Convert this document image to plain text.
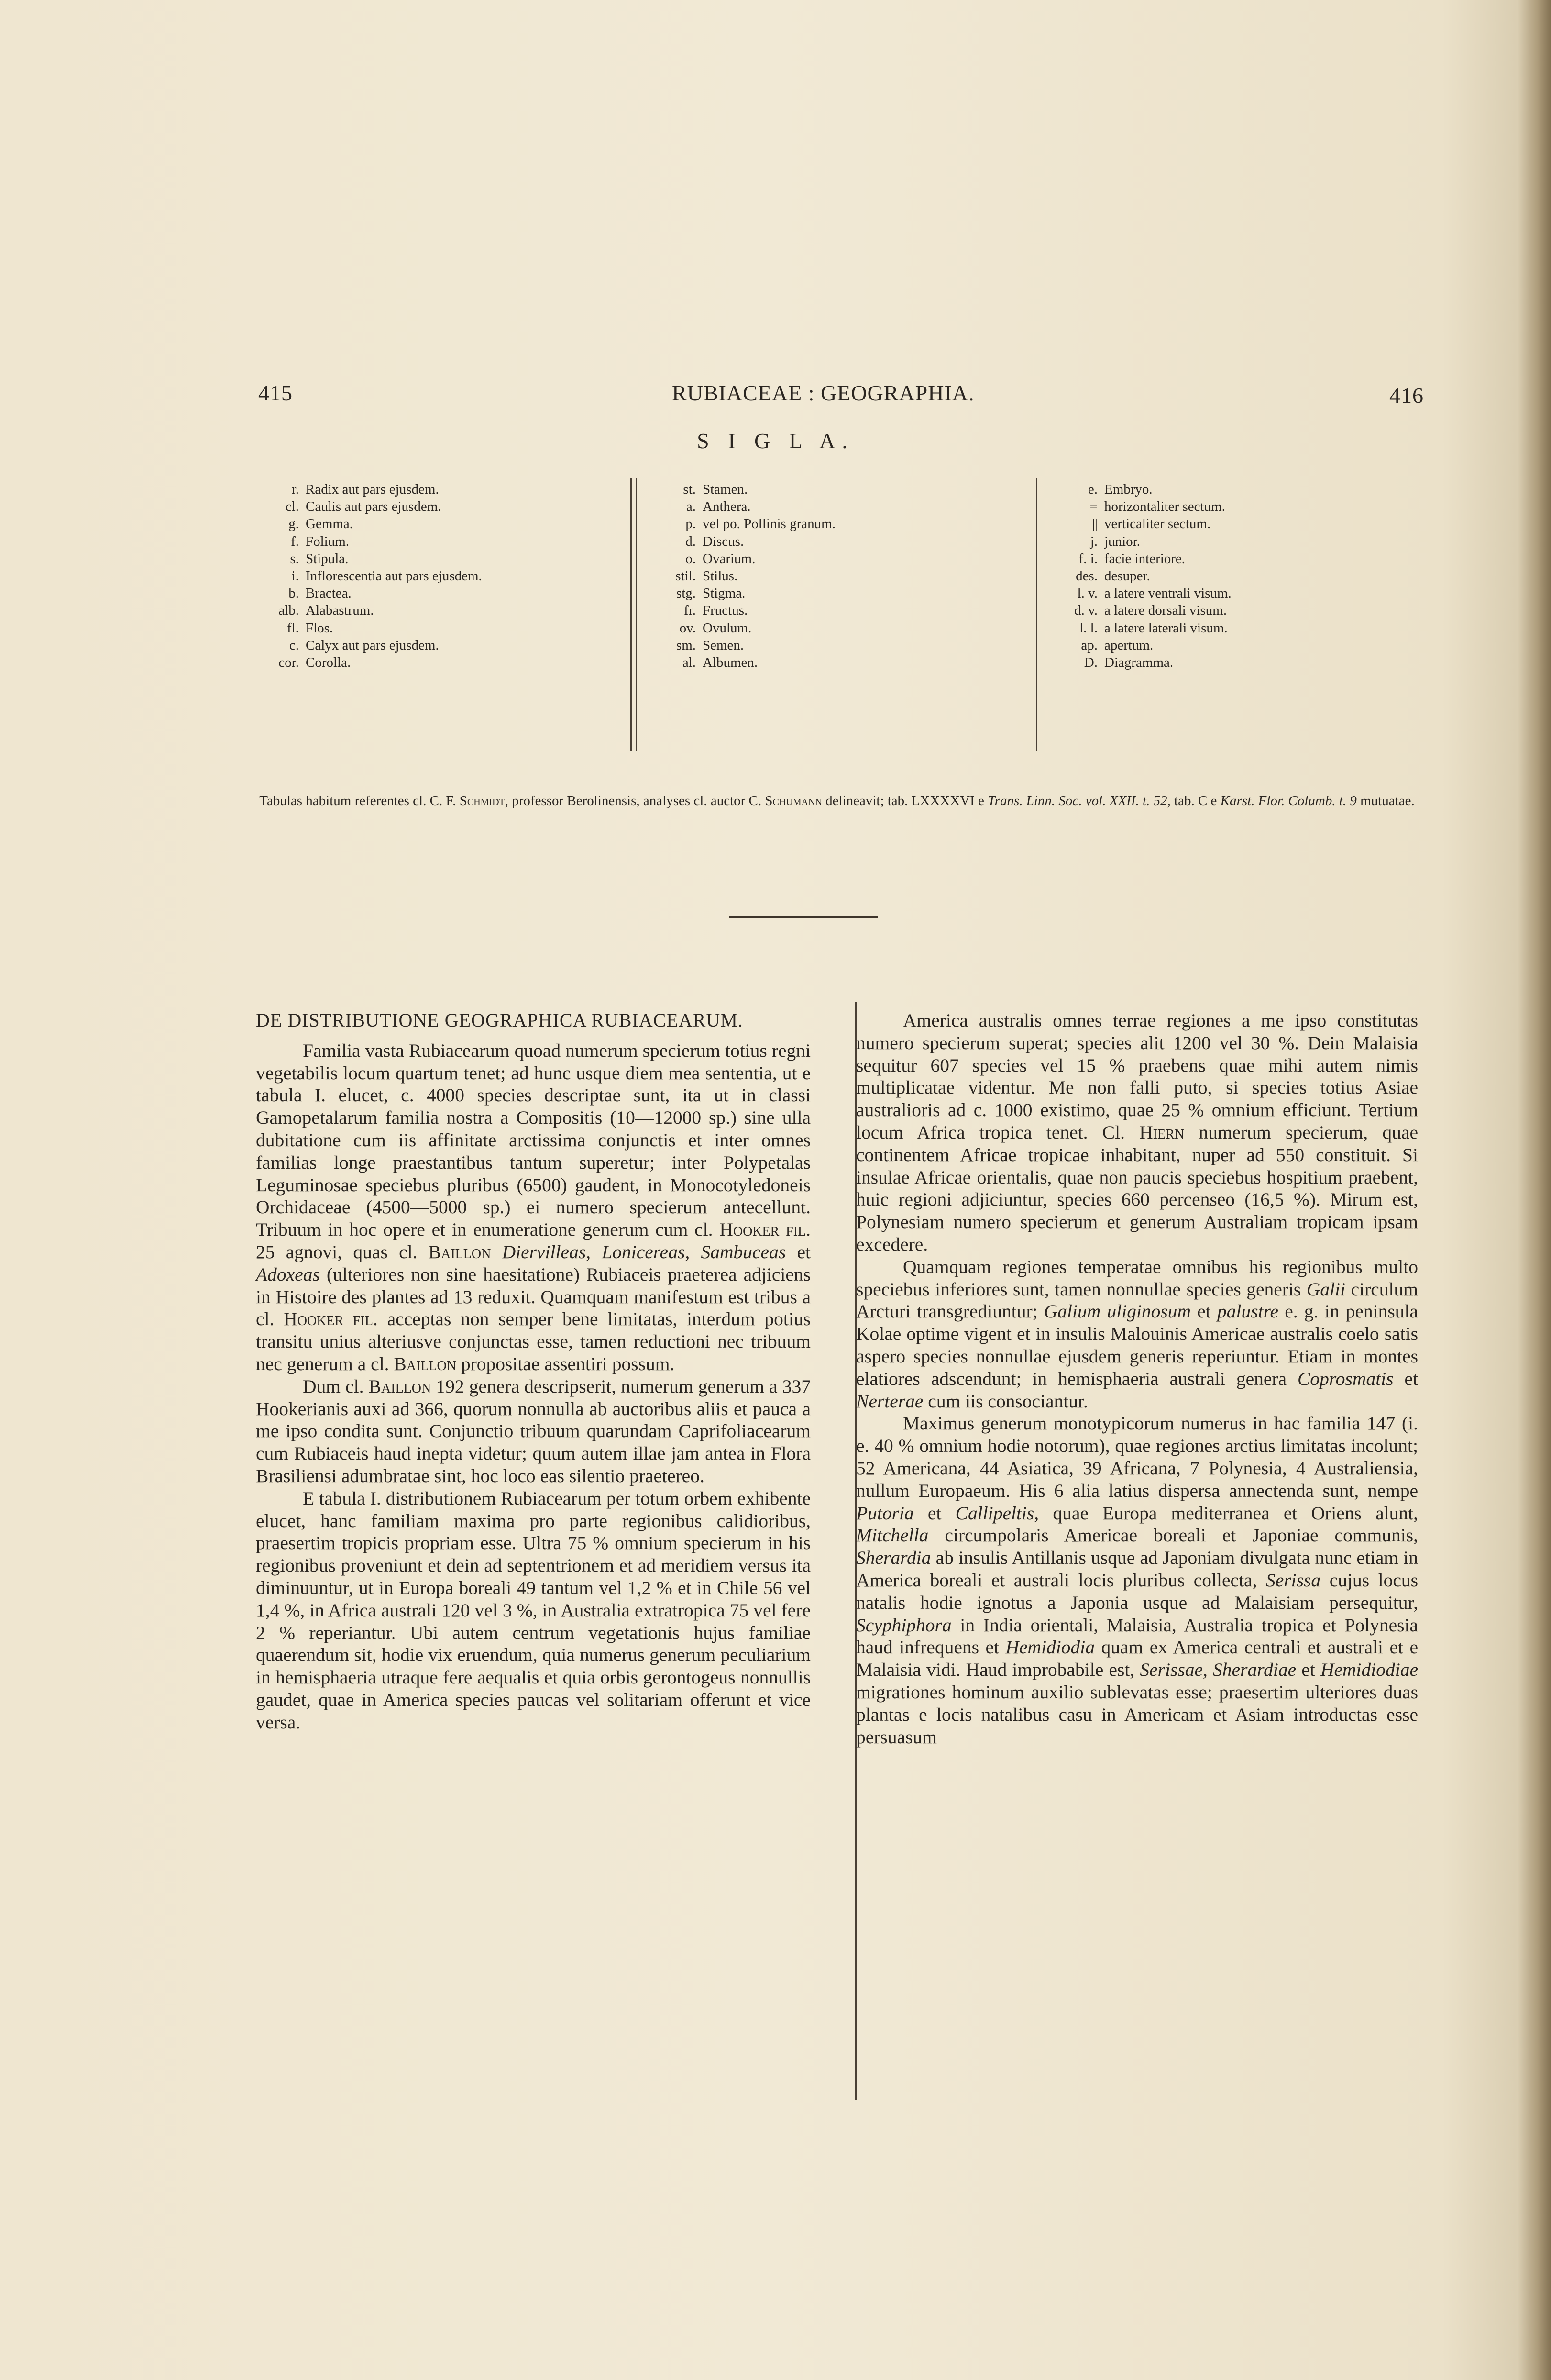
415	RUBIACEAE : GEOGRAPHIA.	416
S I G L A.
r. Radix aut pars ejusdem.
cl. Caulis aut pars ejusdem.
g. Gemma.
f. Folium.
s. Stipula.
i. Inflorescentia aut pars ejusdem.
b. Bractea.
alb. Alabastrum.
fl. Flos.
c. Calyx aut pars ejusdem.
cor. Corolla.
st. Stamen.
a. Anthera.
p. vel po. Pollinis granum.
d. Discus.
o. Ovarium.
stil. Stilus.
stg. Stigma.
fr. Fructus.
ov. Ovulum.
sm. Semen.
al. Albumen.
e. Embryo.
= horizontaliter sectum.
|| verticaliter sectum.
j. junior.
f. i. facie interiore.
des. desuper.
l. v. a latere ventrali visum.
d. v. a latere dorsali visum.
l. l. a latere laterali visum.
ap. apertum.
D. Diagramma.
Tabulas habitum referentes cl. C. F. Schmidt, professor Berolinensis, analyses cl. auctor C. Schumann delineavit; tab. LXXXXVI e Trans. Linn. Soc. vol. XXII. t. 52, tab. C e Karst. Flor. Columb. t. 9 mutuatae.
DE DISTRIBUTIONE GEOGRAPHICA RUBIACEARUM.

Familia vasta Rubiacearum quoad numerum specierum totius regni vegetabilis locum quartum tenet; ad hunc usque diem mea sententia, ut e tabula I. elucet, c. 4000 species descriptae sunt, ita ut in classi Gamopetalarum familia nostra a Compositis (10—12000 sp.) sine ulla dubitatione cum iis affinitate arctissima conjunctis et inter omnes familias longe praestantibus tantum superetur; inter Polypetalas Leguminosae speciebus pluribus (6500) gaudent, in Monocotyledoneis Orchidaceae (4500—5000 sp.) ei numero specierum antecellunt. Tribuum in hoc opere et in enumeratione generum cum cl. Hooker fil. 25 agnovi, quas cl. Baillon Diervilleas, Lonicereas, Sambuceas et Adoxeas (ulteriores non sine haesitatione) Rubiaceis praeterea adjiciens in Histoire des plantes ad 13 reduxit. Quamquam manifestum est tribus a cl. Hooker fil. acceptas non semper bene limitatas, interdum potius transitu unius alteriusve conjunctas esse, tamen reductioni nec tribuum nec generum a cl. Baillon propositae assentiri possum.

Dum cl. Baillon 192 genera descripserit, numerum generum a 337 Hookerianis auxi ad 366, quorum nonnulla ab auctoribus aliis et pauca a me ipso condita sunt. Conjunctio tribuum quarundam Caprifoliacearum cum Rubiaceis haud inepta videtur; quum autem illae jam antea in Flora Brasiliensi adumbratae sint, hoc loco eas silentio praetereo.

E tabula I. distributionem Rubiacearum per totum orbem exhibente elucet, hanc familiam maxima pro parte regionibus calidioribus, praesertim tropicis propriam esse. Ultra 75 % omnium specierum in his regionibus proveniunt et dein ad septentrionem et ad meridiem versus ita diminuuntur, ut in Europa boreali 49 tantum vel 1,2 % et in Chile 56 vel 1,4 %, in Africa australi 120 vel 3 %, in Australia extratropica 75 vel fere 2 % reperiantur. Ubi autem centrum vegetationis hujus familiae quaerendum sit, hodie vix eruendum, quia numerus generum peculiarium in hemisphaeria utraque fere aequalis et quia orbis gerontogeus nonnullis gaudet, quae in America species paucas vel solitariam offerunt et vice versa.

America australis omnes terrae regiones a me ipso constitutas numero specierum superat; species alit 1200 vel 30 %. Dein Malaisia sequitur 607 species vel 15 % praebens quae mihi autem nimis multiplicatae videntur. Me non falli puto, si species totius Asiae australioris ad c. 1000 existimo, quae 25 % omnium efficiunt. Tertium locum Africa tropica tenet. Cl. Hiern numerum specierum, quae continentem Africae tropicae inhabitant, nuper ad 550 constituit. Si insulae Africae orientalis, quae non paucis speciebus hospitium praebent, huic regioni adjiciuntur, species 660 percenseo (16,5 %). Mirum est, Polynesiam numero specierum et generum Australiam tropicam ipsam excedere.

Quamquam regiones temperatae omnibus his regionibus multo speciebus inferiores sunt, tamen nonnullae species generis Galii circulum Arcturi transgrediuntur; Galium uliginosum et palustre e. g. in peninsula Kolae optime vigent et in insulis Malouinis Americae australis coelo satis aspero species nonnullae ejusdem generis reperiuntur. Etiam in montes elatiores adscendunt; in hemisphaeria australi genera Coprosmatis et Nerterae cum iis consociantur.

Maximus generum monotypicorum numerus in hac familia 147 (i. e. 40 % omnium hodie notorum), quae regiones arctius limitatas incolunt; 52 Americana, 44 Asiatica, 39 Africana, 7 Polynesia, 4 Australiensia, nullum Europaeum. His 6 alia latius dispersa annectenda sunt, nempe Putoria et Callipeltis, quae Europa mediterranea et Oriens alunt, Mitchella circumpolaris Americae boreali et Japoniae communis, Sherardia ab insulis Antillanis usque ad Japoniam divulgata nunc etiam in America boreali et australi locis pluribus collecta, Serissa cujus locus natalis hodie ignotus a Japonia usque ad Malaisiam persequitur, Scyphiphora in India orientali, Malaisia, Australia tropica et Polynesia haud infrequens et Hemidiodia quam ex America centrali et australi et e Malaisia vidi. Haud improbabile est, Serissae, Sherardiae et Hemidiodiae migrationes hominum auxilio sublevatas esse; praesertim ulteriores duas plantas e locis natalibus casu in Americam et Asiam introductas esse persuasum
